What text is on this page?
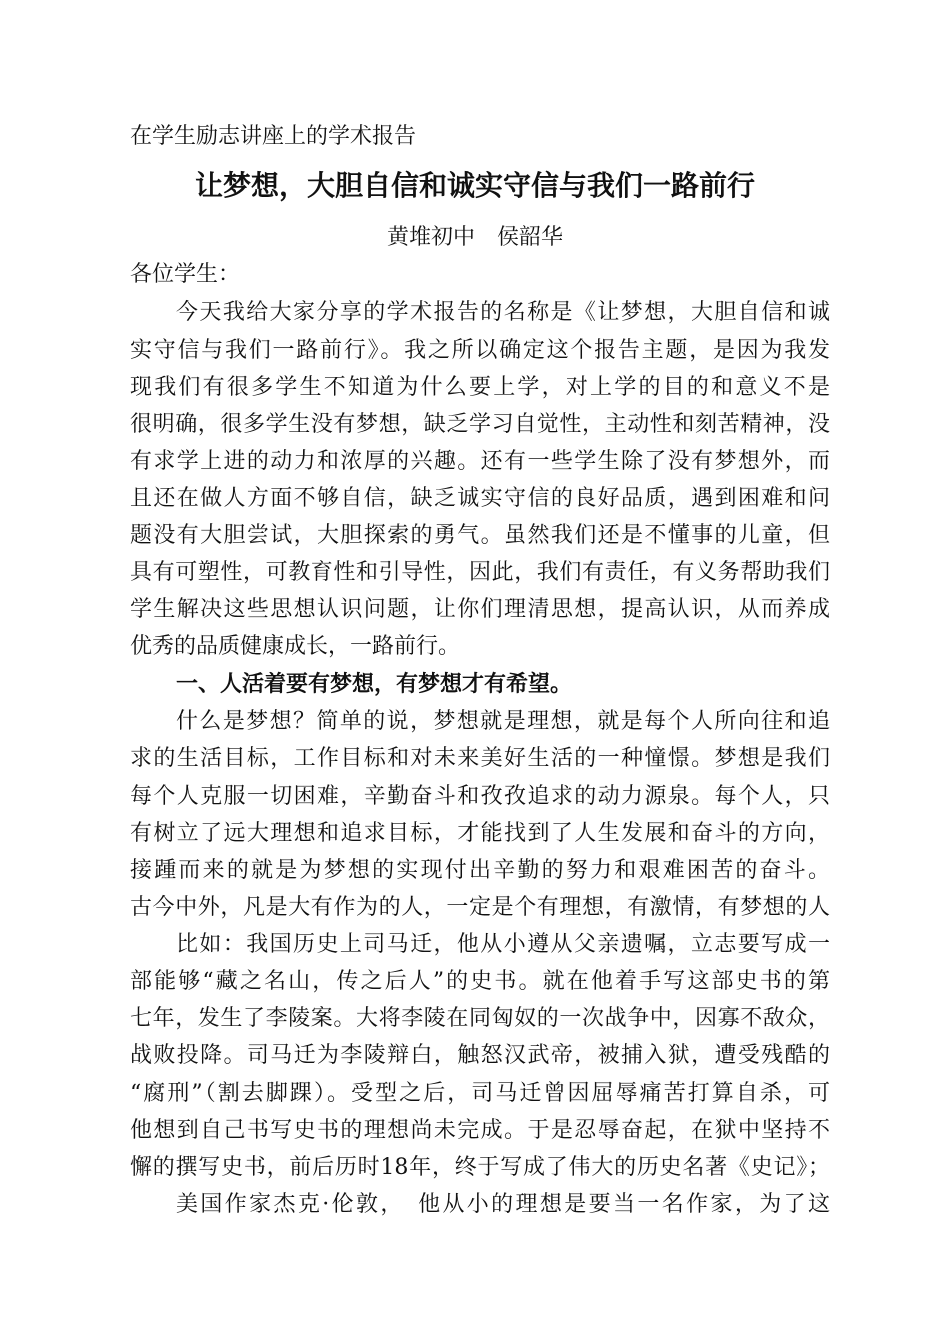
在学生励志讲座上的学术报告
让梦想，大胆自信和诚实守信与我们一路前行
黄堆初中　侯韶华
各位学生：
今天我给大家分享的学术报告的名称是《让梦想，大胆自信和诚
实守信与我们一路前行》。我之所以确定这个报告主题，是因为我发
现我们有很多学生不知道为什么要上学，对上学的目的和意义不是
很明确，很多学生没有梦想，缺乏学习自觉性，主动性和刻苦精神，没
有求学上进的动力和浓厚的兴趣。还有一些学生除了没有梦想外，而
且还在做人方面不够自信，缺乏诚实守信的良好品质，遇到困难和问
题没有大胆尝试，大胆探索的勇气。虽然我们还是不懂事的儿童，但
具有可塑性，可教育性和引导性，因此，我们有责任，有义务帮助我们
学生解决这些思想认识问题，让你们理清思想，提高认识，从而养成
优秀的品质健康成长，一路前行。
一、人活着要有梦想，有梦想才有希望。
什么是梦想？简单的说，梦想就是理想，就是每个人所向往和追
求的生活目标，工作目标和对未来美好生活的一种憧憬。梦想是我们
每个人克服一切困难，辛勤奋斗和孜孜追求的动力源泉。每个人，只
有树立了远大理想和追求目标，才能找到了人生发展和奋斗的方向，
接踵而来的就是为梦想的实现付出辛勤的努力和艰难困苦的奋斗。
古今中外，凡是大有作为的人，一定是个有理想，有激情，有梦想的人
比如：我国历史上司马迁，他从小遵从父亲遗嘱，立志要写成一
部能够“藏之名山，传之后人”的史书。就在他着手写这部史书的第
七年，发生了李陵案。大将李陵在同匈奴的一次战争中，因寡不敌众，
战败投降。司马迁为李陵辩白，触怒汉武帝，被捕入狱，遭受残酷的
“腐刑”（割去脚踝）。受型之后，司马迁曾因屈辱痛苦打算自杀，可
他想到自己书写史书的理想尚未完成。于是忍辱奋起，在狱中坚持不
懈的撰写史书，前后历时18年，终于写成了伟大的历史名著《史记》；
美国作家杰克·伦敦，　他从小的理想是要当一名作家，为了这
